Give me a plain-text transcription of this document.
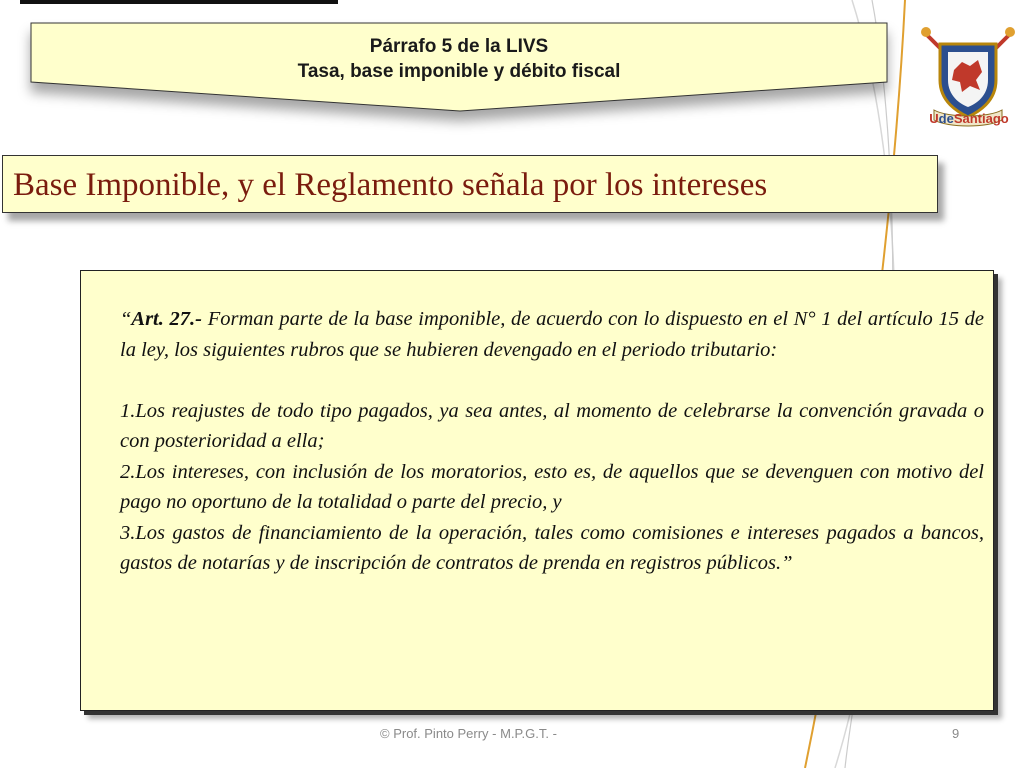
Párrafo 5 de la LIVS
Tasa, base imponible y débito fiscal
Base Imponible, y el Reglamento señala por los intereses

“Art. 27.- Forman parte de la base imponible, de acuerdo con lo dispuesto en el N° 1 del artículo 15 de la ley, los siguientes rubros que se hubieren devengado en el periodo tributario:

1.Los reajustes de todo tipo pagados, ya sea antes, al momento de celebrarse la convención gravada o con posterioridad a ella;

2.Los intereses, con inclusión de los moratorios, esto es, de aquellos que se devenguen con motivo del pago no oportuno de la totalidad o parte del precio, y

3.Los gastos de financiamiento de la operación, tales como comisiones e intereses pagados a bancos, gastos de notarías y de inscripción de contratos de prenda en registros públicos.”

UdeSantiago
© Prof. Pinto Perry - M.P.G.T. -	9
